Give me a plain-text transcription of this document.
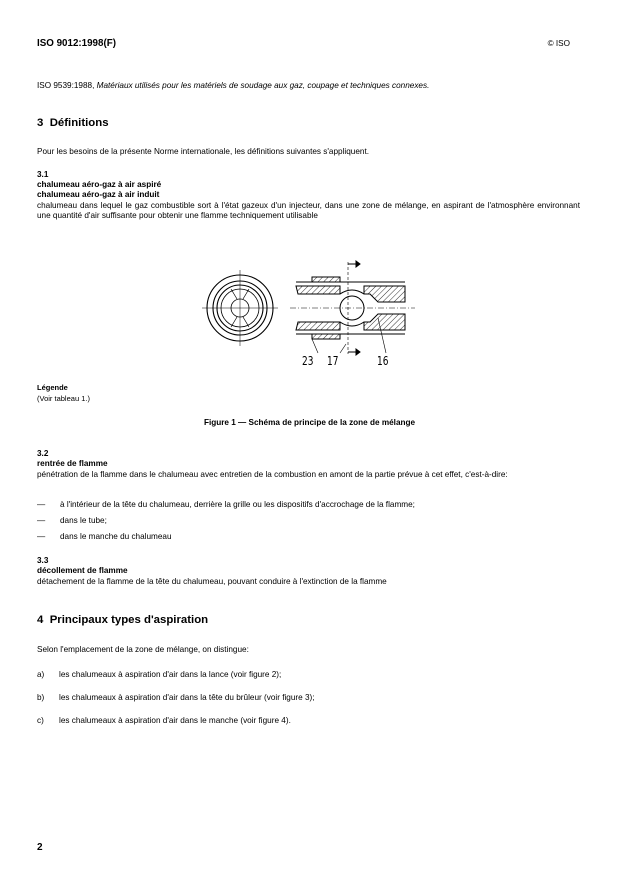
ISO 9012:1998(F)	© ISO
ISO 9539:1988, Matériaux utilisés pour les matériels de soudage aux gaz, coupage et techniques connexes.
3 Définitions
Pour les besoins de la présente Norme internationale, les définitions suivantes s'appliquent.
3.1
chalumeau aéro-gaz à air aspiré
chalumeau aéro-gaz à air induit
chalumeau dans lequel le gaz combustible sort à l'état gazeux d'un injecteur, dans une zone de mélange, en aspirant de l'atmosphère environnant une quantité d'air suffisante pour obtenir une flamme techniquement utilisable
23 17	16
Légende
(Voir tableau 1.)
Figure 1 — Schéma de principe de la zone de mélange
3.2
rentrée de flamme
pénétration de la flamme dans le chalumeau avec entretien de la combustion en amont de la partie prévue à cet effet, c'est-à-dire:
— à l'intérieur de la tête du chalumeau, derrière la grille ou les dispositifs d'accrochage de la flamme;
— dans le tube;
— dans le manche du chalumeau
3.3
décollement de flamme
détachement de la flamme de la tête du chalumeau, pouvant conduire à l'extinction de la flamme
4 Principaux types d'aspiration
Selon l'emplacement de la zone de mélange, on distingue:
a) les chalumeaux à aspiration d'air dans la lance (voir figure 2);
b) les chalumeaux à aspiration d'air dans la tête du brûleur (voir figure 3);
c) les chalumeaux à aspiration d'air dans le manche (voir figure 4).
2
